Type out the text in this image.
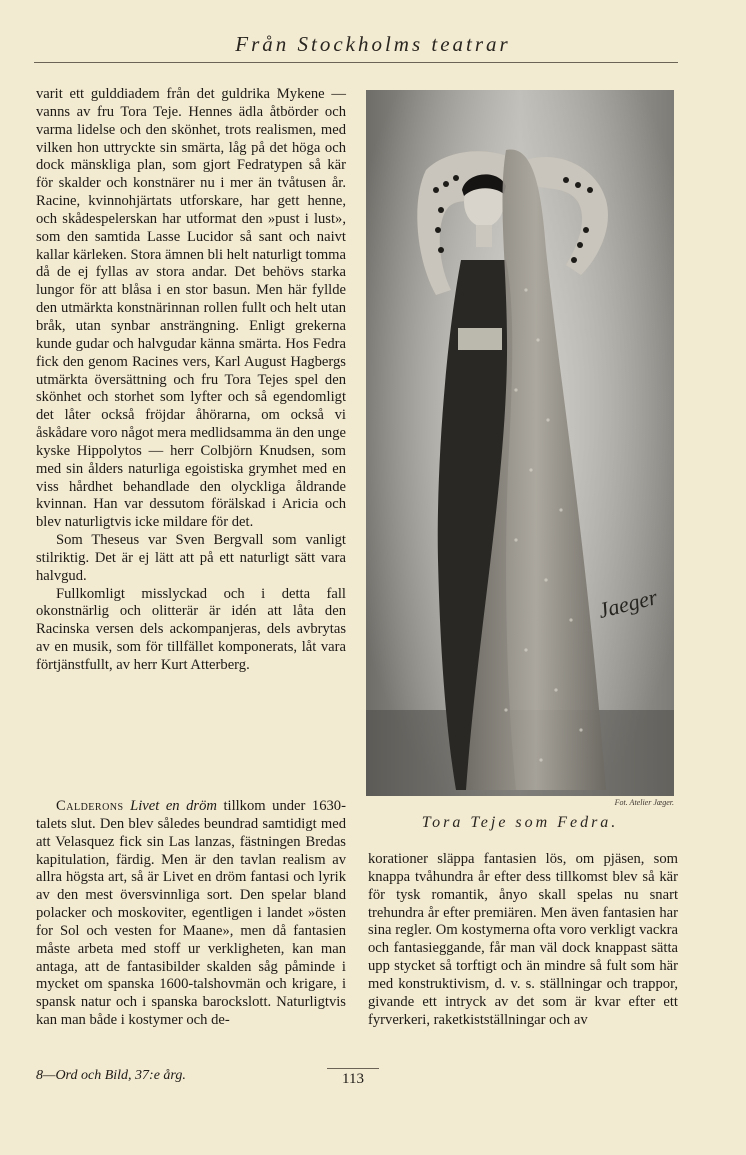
Från Stockholms teatrar

varit ett gulddiadem från det guldrika Mykene — vanns av fru Tora Teje. Hennes ädla åtbörder och varma lidelse och den skönhet, trots realismen, med vilken hon uttryckte sin smärta, låg på det höga och dock mänskliga plan, som gjort Fedratypen så kär för skalder och konstnärer nu i mer än tvåtusen år. Racine, kvinnohjärtats utforskare, har gett henne, och skådespelerskan har utformat den »pust i lust», som den samtida Lasse Lucidor så sant och naivt kallar kärleken. Stora ämnen bli helt naturligt tomma då de ej fyllas av stora andar. Det behövs starka lungor för att blåsa i en stor basun. Men här fyllde den utmärkta konstnärinnan rollen fullt och helt utan bråk, utan synbar ansträngning. Enligt grekerna kunde gudar och halvgudar känna smärta. Hos Fedra fick den genom Racines vers, Karl August Hagbergs utmärkta översättning och fru Tora Tejes spel den skönhet och storhet som lyfter och så egendomligt det låter också fröjdar åhörarna, om också vi åskådare voro något mera medlidsamma än den unge kyske Hippolytos — herr Colbjörn Knudsen, som med sin ålders naturliga egoistiska grymhet med en viss hårdhet behandlade den olyckliga åldrande kvinnan. Han var dessutom förälskad i Aricia och blev naturligtvis icke mildare för det.

Som Theseus var Sven Bergvall som vanligt stilriktig. Det är ej lätt att på ett naturligt sätt vara halvgud.

Fullkomligt misslyckad och i detta fall okonstnärlig och olitterär är idén att låta den Racinska versen dels ackompanjeras, dels avbrytas av en musik, som för tillfället komponerats, låt vara förtjänstfullt, av herr Kurt Atterberg.

Jaeger
Fot. Atelier Jæger.
Tora Teje som Fedra.

Calderons Livet en dröm tillkom under 1630-talets slut. Den blev således beundrad samtidigt med att Velasquez fick sin Las lanzas, fästningen Bredas kapitulation, färdig. Men är den tavlan realism av allra högsta art, så är Livet en dröm fantasi och lyrik av den mest översvinnliga sort. Den spelar bland polacker och moskoviter, egentligen i landet »östen for Sol och vesten for Maane», men då fantasien måste arbeta med stoff ur verkligheten, kan man antaga, att de fantasibilder skalden såg påminde i mycket om spanska 1600-talshovmän och krigare, i spansk natur och i spanska barockslott. Naturligtvis kan man både i kostymer och de-

korationer släppa fantasien lös, om pjäsen, som knappa tvåhundra år efter dess tillkomst blev så kär för tysk romantik, ånyo skall spelas nu snart trehundra år efter premiären. Men även fantasien har sina regler. Om kostymerna ofta voro verkligt vackra och fantasieggande, får man väl dock knappast sätta upp stycket så torftigt och än mindre så fult som här med konstruktivism, d. v. s. ställningar och trappor, givande ett intryck av det som är kvar efter ett fyrverkeri, raketkistställningar och av

8—Ord och Bild, 37:e årg.	113
